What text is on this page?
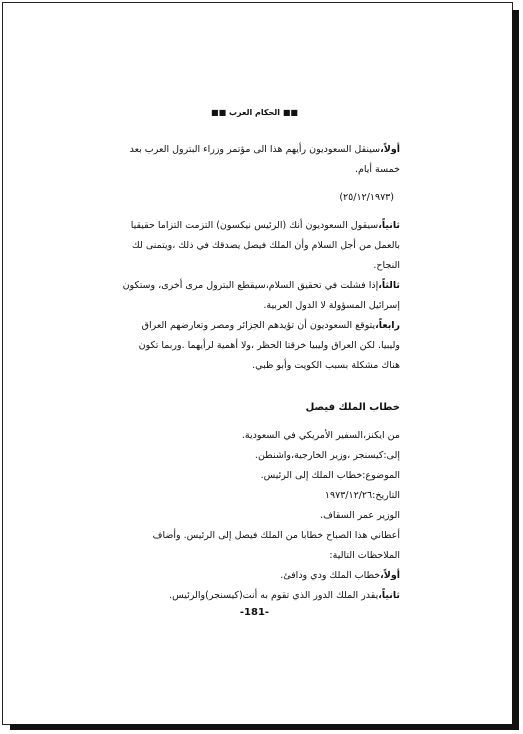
■■ الحكام العرب ■■

أولاً،سينقل السعوديون رأيهم هذا الى مؤتمر وزراء البترول العرب بعد خمسة أيام.

(٢٥/١٢/١٩٧٣)

ثانياً،سيقول السعوديون أنك (الرئيس نيكسون) التزمت التزاما حقيقيا بالعمل من أجل السلام وأن الملك فيصل يصدقك في ذلك ،ويتمنى لك النجاح.

ثالثاً،إذا فشلت في تحقيق السلام،سيقطع البترول مرى أخرى، وستكون إسرائيل المسؤولة لا الدول العربية.

رابعاً،يتوقع السعوديون أن تؤيدهم الجزائر ومصر وتعارضهم العراق وليبيا. لكن العراق وليبيا خرقتا الحظر ،ولا أهمية لرأيهما .وربما تكون هناك مشكلة بسبب الكويت وأبو ظبي.

خطاب الملك فيصل

من ايكنز،السفير الأمريكي في السعودية.

إلى:كيسنجر ،وزير الخارجية،واشنطن.

الموضوع:خطاب الملك إلى الرئيس.

التاريخ:١٩٧٣/١٢/٢٦

الوزير عمر السقاف.

أعطاني هذا الصباح خطابا من الملك فيصل إلى الرئيس. وأضاف الملاحظات التالية:

أولاً،خطاب الملك ودي ودافئ.

ثانياً،يقدر الملك الدور الذي تقوم به أنت(كيسنجر)والرئيس.

-181-
